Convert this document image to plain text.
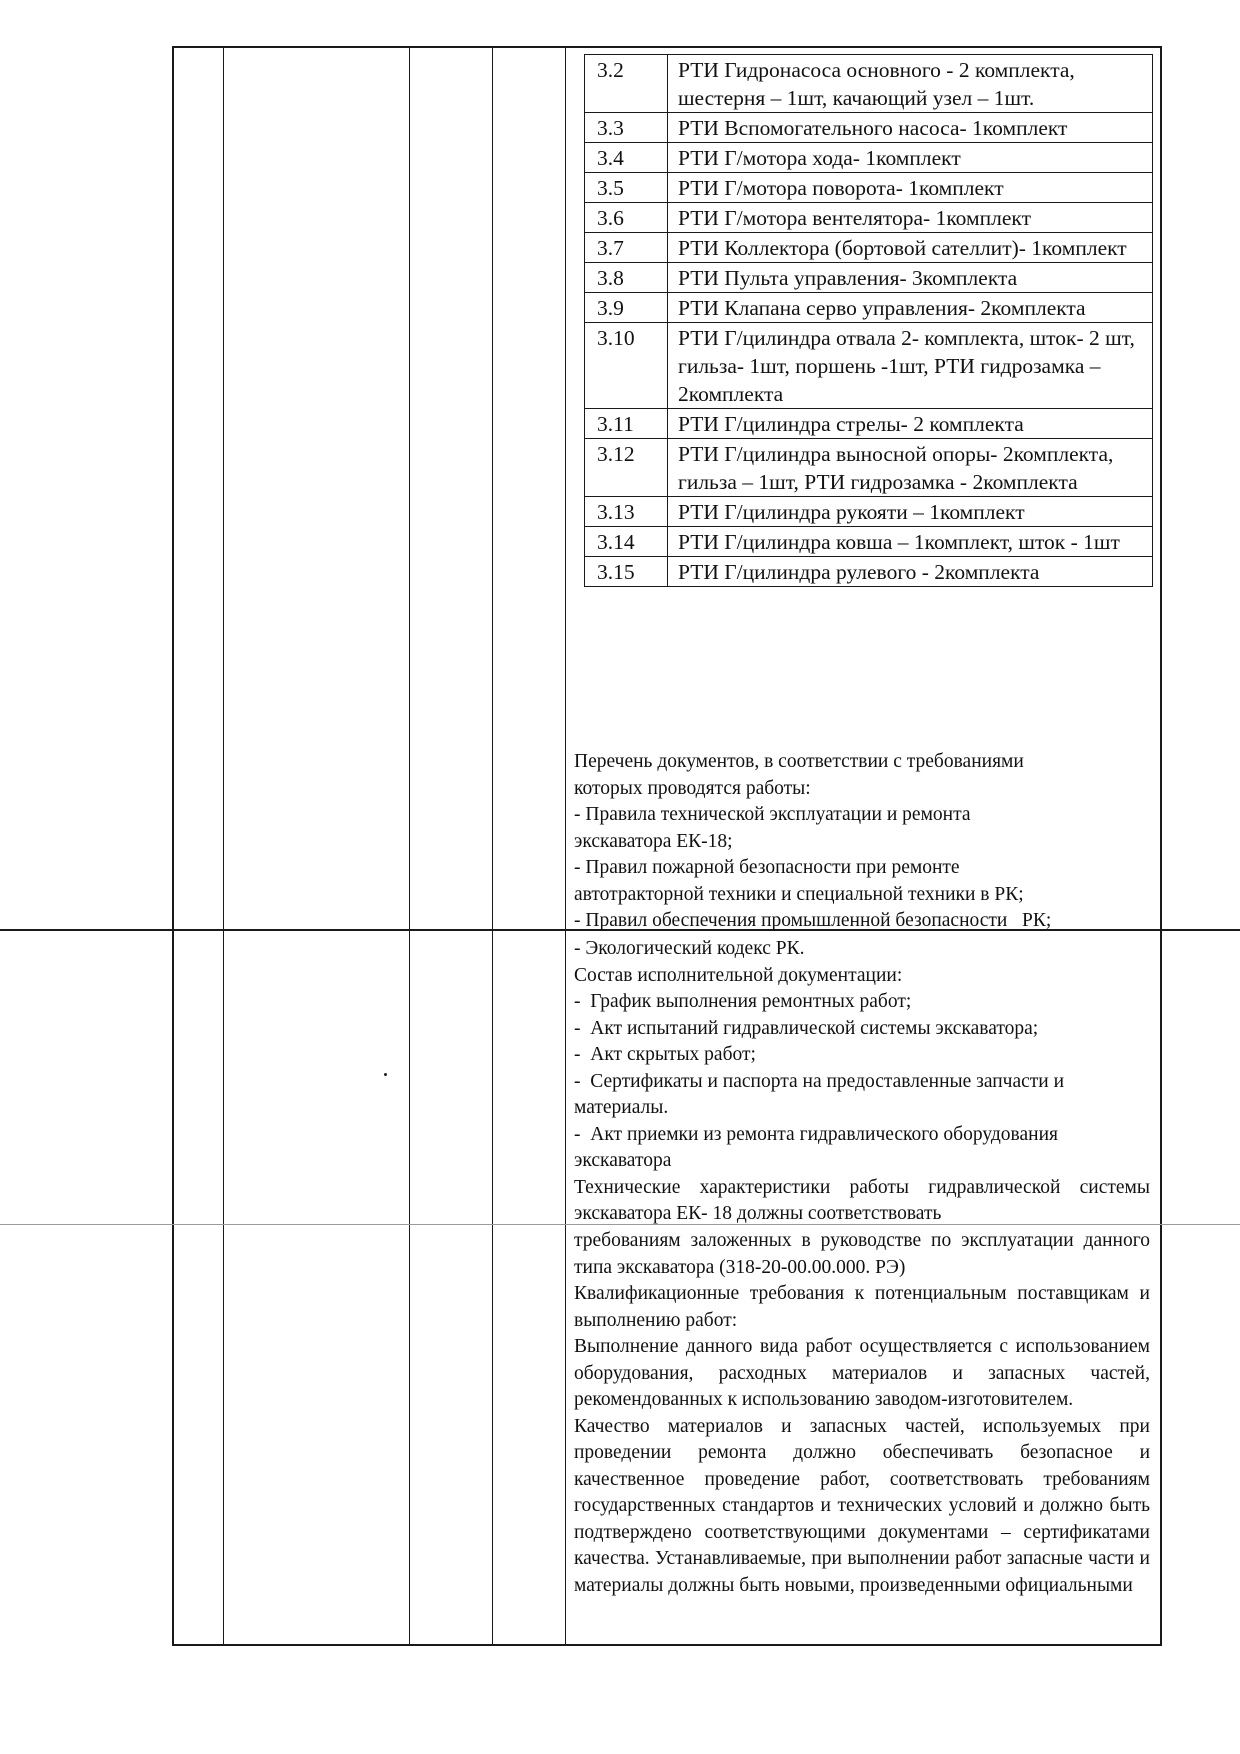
3.2	РТИ Гидронасоса основного - 2 комплекта, шестерня – 1шт, качающий узел – 1шт.
3.3	РТИ Вспомогательного насоса- 1комплект
3.4	РТИ Г/мотора хода- 1комплект
3.5	РТИ Г/мотора поворота- 1комплект
3.6	РТИ Г/мотора вентелятора- 1комплект
3.7	РТИ Коллектора (бортовой сателлит)- 1комплект
3.8	РТИ Пульта управления- 3комплекта
3.9	РТИ Клапана серво управления- 2комплекта
3.10	РТИ Г/цилиндра отвала 2- комплекта, шток- 2 шт, гильза- 1шт, поршень -1шт, РТИ гидрозамка – 2комплекта
3.11	РТИ Г/цилиндра стрелы- 2 комплекта
3.12	РТИ Г/цилиндра выносной опоры- 2комплекта, гильза – 1шт, РТИ гидрозамка - 2комплекта
3.13	РТИ Г/цилиндра рукояти – 1комплект
3.14	РТИ Г/цилиндра ковша – 1комплект, шток - 1шт
3.15	РТИ Г/цилиндра рулевого - 2комплекта

Перечень документов, в соответствии с требованиями

которых проводятся работы:

- Правила технической эксплуатации и ремонта

экскаватора ЕК-18;

- Правил пожарной безопасности при ремонте

автотракторной техники и специальной техники в РК;

- Правил обеспечения промышленной безопасности   РК;

- Экологический кодекс РК.

Состав исполнительной документации:

-  График выполнения ремонтных работ;

-  Акт испытаний гидравлической системы экскаватора;

-  Акт скрытых работ;

-  Сертификаты и паспорта на предоставленные запчасти и

материалы.

-  Акт приемки из ремонта гидравлического оборудования

экскаватора

Технические характеристики работы гидравлической системы экскаватора ЕК- 18 должны соответствовать

требованиям заложенных в руководстве по эксплуатации данного типа экскаватора (318-20-00.00.000. РЭ)

Квалификационные требования к потенциальным поставщикам и выполнению работ:

Выполнение данного вида работ осуществляется с использованием оборудования, расходных материалов и запасных частей, рекомендованных к использованию заводом-изготовителем.

Качество материалов и запасных частей, используемых при проведении ремонта должно обеспечивать безопасное и качественное проведение работ, соответствовать требованиям государственных стандартов и технических условий и должно быть подтверждено соответствующими документами – сертификатами качества. Устанавливаемые, при выполнении работ запасные части и материалы должны быть новыми, произведенными официальными
